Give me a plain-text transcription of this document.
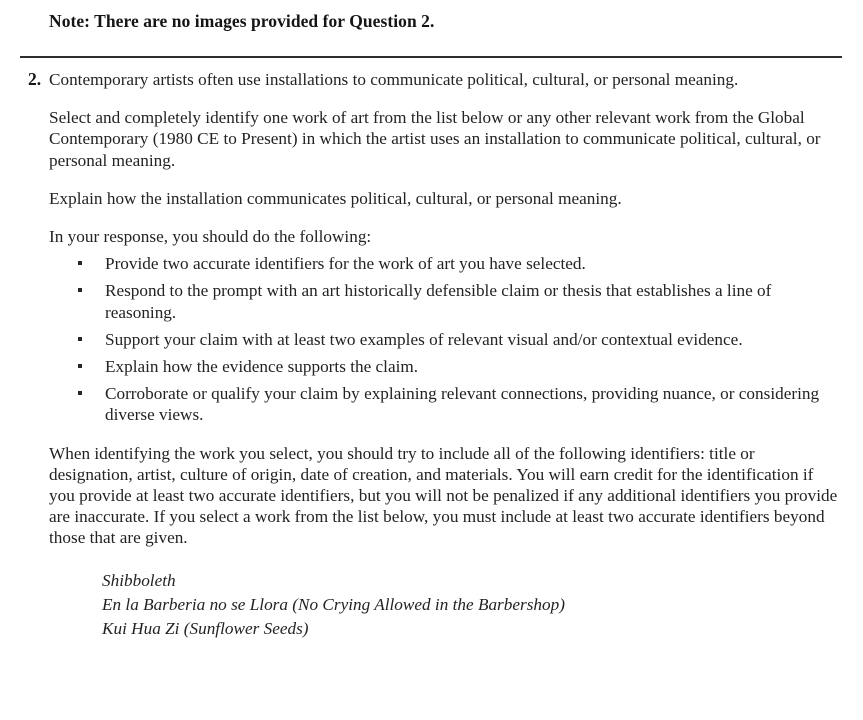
Note: There are no images provided for Question 2.
2. Contemporary artists often use installations to communicate political, cultural, or personal meaning.

Select and completely identify one work of art from the list below or any other relevant work from the Global Contemporary (1980 CE to Present) in which the artist uses an installation to communicate political, cultural, or personal meaning.

Explain how the installation communicates political, cultural, or personal meaning.

In your response, you should do the following:

Provide two accurate identifiers for the work of art you have selected.
Respond to the prompt with an art historically defensible claim or thesis that establishes a line of reasoning.
Support your claim with at least two examples of relevant visual and/or contextual evidence.
Explain how the evidence supports the claim.
Corroborate or qualify your claim by explaining relevant connections, providing nuance, or considering diverse views.

When identifying the work you select, you should try to include all of the following identifiers: title or designation, artist, culture of origin, date of creation, and materials. You will earn credit for the identification if you provide at least two accurate identifiers, but you will not be penalized if any additional identifiers you provide are inaccurate. If you select a work from the list below, you must include at least two accurate identifiers beyond those that are given.

Shibboleth
En la Barberia no se Llora (No Crying Allowed in the Barbershop)
Kui Hua Zi (Sunflower Seeds)
